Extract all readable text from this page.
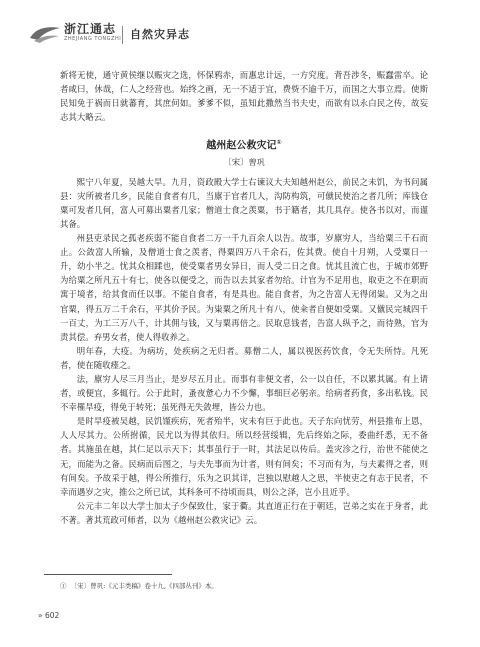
浙江通志
ZHEJIANG TONGZHI 自然灾异志

新将无使，通守黄侯继以赈灾之选，怀保鸦赤，而惠忠计远，一方究度。背吾涉冬，赈蠢雷卒。论者咸曰，休哉，仁人之经营也。始终之画，无一不适于宜，费赀不逾千万，而国之大事立焉。使斯民知免于祸而日就蕃育，其庶何如。爹爹不似，虽知此撒然当书夫史，而欲有以永白民之传，故妄志其大略云。

越州赵公救灾记①
〔宋〕曾巩

熙宁八年夏，吴越大旱。九月，资政殿大学士右谏议大夫知越州赵公，前民之未饥，为书问属县：灾所被者几乡，民能自食者有几，当廪于官者几人，沟防构筑，可僦民使治之者几所；库钱仓粟可发者几何，富人可募出粟者几家；僧道士食之羡粟，书于籍者，其几具存。使各书以对，而谨其备。

州县吏录民之孤老疾弱不能自食者二万一千九百余人以告。故事，岁廪穷人，当给粟三千石而止。公敛富人所输，及僧道士食之羡者，得粟四万八千余石，佐其费。使自十月朔，人受粟日一升，幼小半之。忧其众相蹂也，使受粟者男女异日，而人受二日之食。忧其且流亡也，于城市郊野为给粟之所凡五十有七，使各以便受之，而告以去其家者勿给。计官为不足用也，取吏之不在职而寓于境者，给其食而任以事。不能自食者，有是具也。能自食者，为之告富人无得闭粜。又为之出官粟，得五万二千余石，平其价予民。为粜粟之所凡十有八，使籴者自便如受粟。又僦民完城四千一百丈，为工三万八千，计其佣与钱，又与粟再倍之。民取息钱者，告富人纵予之，而待熟，官为责其偿。弃男女者，使人得收养之。

明年春，大疫。为病坊，处疾病之无归者。募僧二人，属以视医药饮食，令无失所恃。凡死者，使在随收瘗之。

法，廪穷人尽三月当止，是岁尽五月止。而事有非便文者，公一以自任，不以累其属。有上请者，或便宜，多辄行。公于此时，蚤夜惫心力不少懈，事细巨必躬亲。给病者药食，多出私钱。民不幸罹旱疫，得免于转死；虽死得无失敛埋，皆公力也。

是时旱疫被吴越，民饥馑疾疠，死者殆半，灾未有巨于此也。天子东向忧劳，州县推布上恩，人人尽其力。公所拊循，民尤以为得其依归。所以经营绥辑，先后终始之际，委曲纤悉，无不备者。其施虽在越，其仁足以示天下；其事虽行于一时，其法足以传后。盖灾沴之行，治世不能使之无，而能为之备。民病而后图之，与夫先事而为计者，则有间矣；不习而有为，与夫素得之者，则有间矣。予故采于越，得公所推行，乐为之识其详，岂独以慰越人之思，半使吏之有志于民者，不幸而遇岁之灾，推公之所已试，其科条可不待顷而具，则公之泽，岂小且近乎。

公元丰二年以大学士加太子少保致仕，家于衢。其直道正行在于朝廷，岂弟之实在于身者，此不著。著其荒政可师者，以为《越州赵公救灾记》云。

① 〔宋〕曾巩:《元丰类稿》卷十九,《四部丛刊》本。
» 602
